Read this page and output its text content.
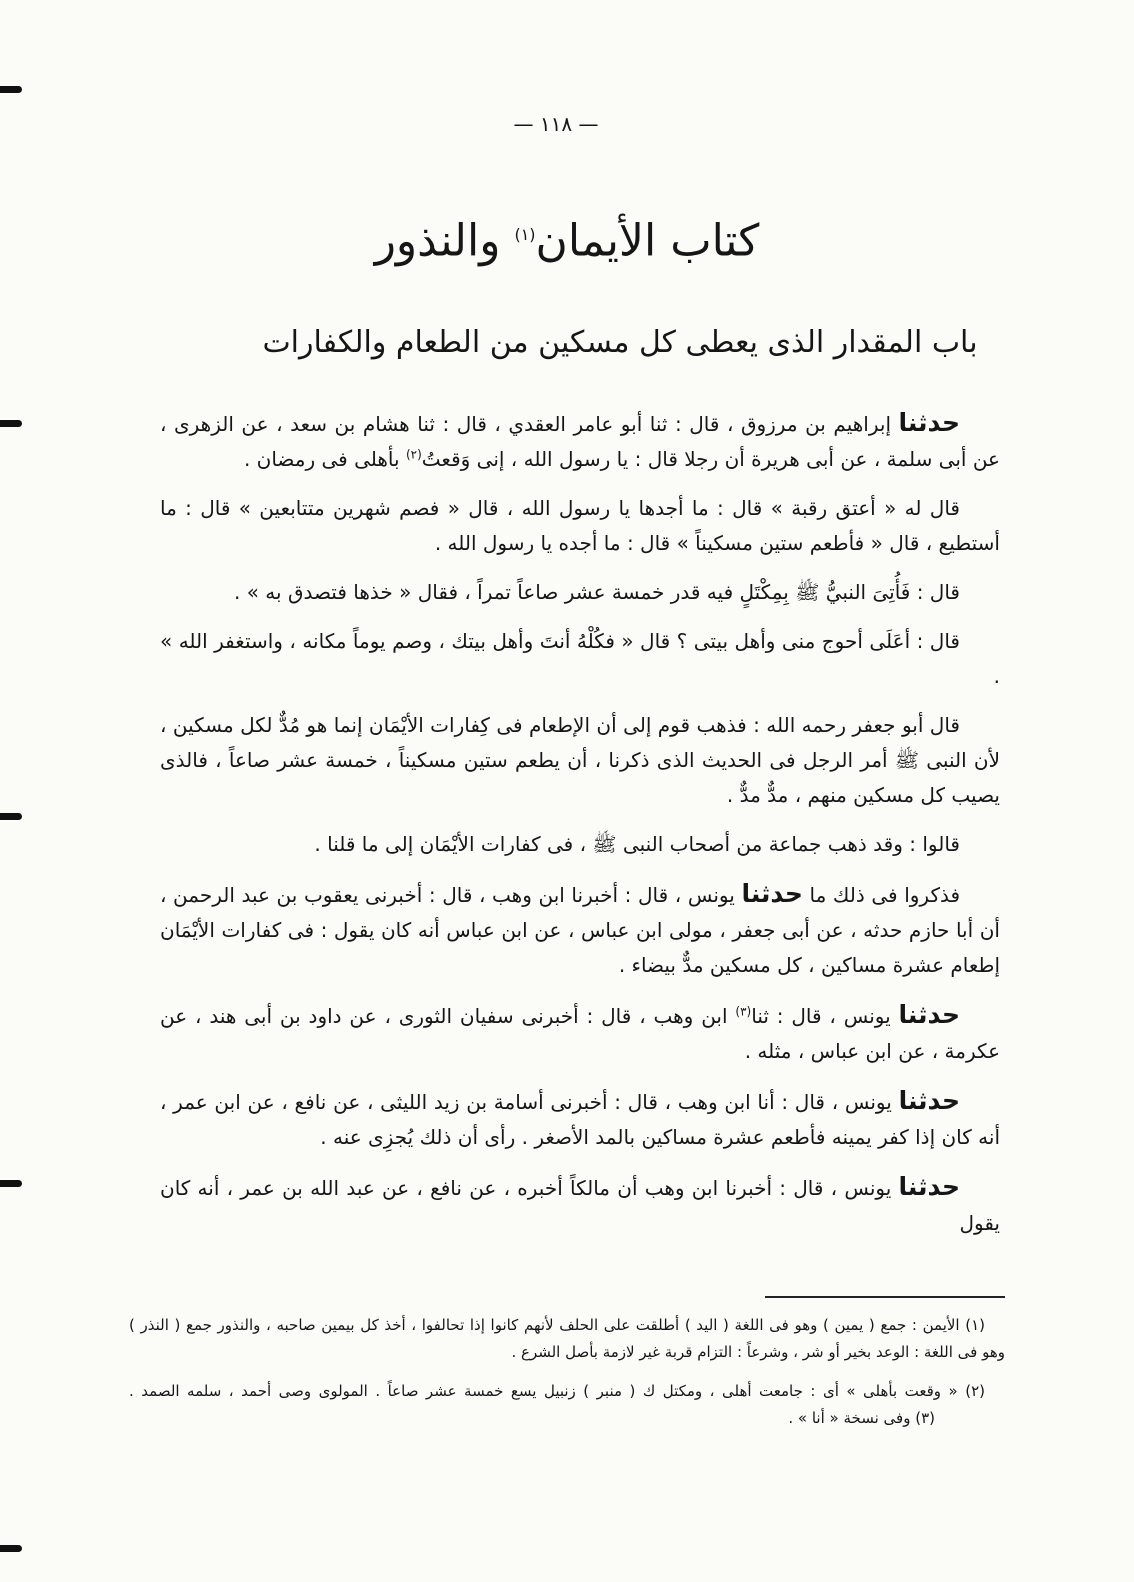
— ١١٨ —
كتاب الأيمان$^{(١)}$ والنذور
باب المقدار الذى يعطى كل مسكين من الطعام والكفارات

حدثنا إبراهيم بن مرزوق ، قال : ثنا أبو عامر العقدي ، قال : ثنا هشام بن سعد ، عن الزهرى ، عن أبى سلمة ، عن أبى هريرة أن رجلا قال : يا رسول الله ، إنى وَقعتُ$^{(٢)}$ بأهلى فى رمضان .

قال له « أعتق رقبة » قال : ما أجدها يا رسول الله ، قال « فصم شهرين متتابعين » قال : ما أستطيع ، قال « فأطعم ستين مسكيناً » قال : ما أجده يا رسول الله .

قال : فَأُتِىَ النبيُّ ﷺ بِمِكْتَلٍ فيه قدر خمسة عشر صاعاً تمراً ، فقال « خذها فتصدق به » .

قال : أعَلَى أحوج منى وأهل بيتى ؟ قال « فكُلْهُ أنتَ وأهل بيتك ، وصم يوماً مكانه ، واستغفر الله » .

قال أبو جعفر رحمه الله : فذهب قوم إلى أن الإطعام فى كِفارات الأيْمَان إنما هو مُدٌّ لكل مسكين ، لأن النبى ﷺ أمر الرجل فى الحديث الذى ذكرنا ، أن يطعم ستين مسكيناً ، خمسة عشر صاعاً ، فالذى يصيب كل مسكين منهم ، مدٌّ مدٌّ .

قالوا : وقد ذهب جماعة من أصحاب النبى ﷺ ، فى كفارات الأيْمَان إلى ما قلنا .

فذكروا فى ذلك ما حدثنا يونس ، قال : أخبرنا ابن وهب ، قال : أخبرنى يعقوب بن عبد الرحمن ، أن أبا حازم حدثه ، عن أبى جعفر ، مولى ابن عباس ، عن ابن عباس أنه كان يقول : فى كفارات الأيْمَان إطعام عشرة مساكين ، كل مسكين مدٌّ بيضاء .

حدثنا يونس ، قال : ثنا$^{(٣)}$ ابن وهب ، قال : أخبرنى سفيان الثورى ، عن داود بن أبى هند ، عن عكرمة ، عن ابن عباس ، مثله .

حدثنا يونس ، قال : أنا ابن وهب ، قال : أخبرنى أسامة بن زيد الليثى ، عن نافع ، عن ابن عمر ، أنه كان إذا كفر يمينه فأطعم عشرة مساكين بالمد الأصغر . رأى أن ذلك يُجزِى عنه .

حدثنا يونس ، قال : أخبرنا ابن وهب أن مالكاً أخبره ، عن نافع ، عن عبد الله بن عمر ، أنه كان يقول

(١) الأيمن : جمع ( يمين ) وهو فى اللغة ( اليد ) أطلقت على الحلف لأنهم كانوا إذا تحالفوا ، أخذ كل بيمين صاحبه ، والنذور جمع ( النذر ) وهو فى اللغة : الوعد بخير أو شر ، وشرعاً : التزام قربة غير لازمة بأصل الشرع .

(٢) « وقعت بأهلى » أى : جامعت أهلى ، ومكتل ك ( منبر ) زنبيل يسع خمسة عشر صاعاً . المولوى وصى أحمد ، سلمه الصمد .(٣) وفى نسخة « أنا » .
